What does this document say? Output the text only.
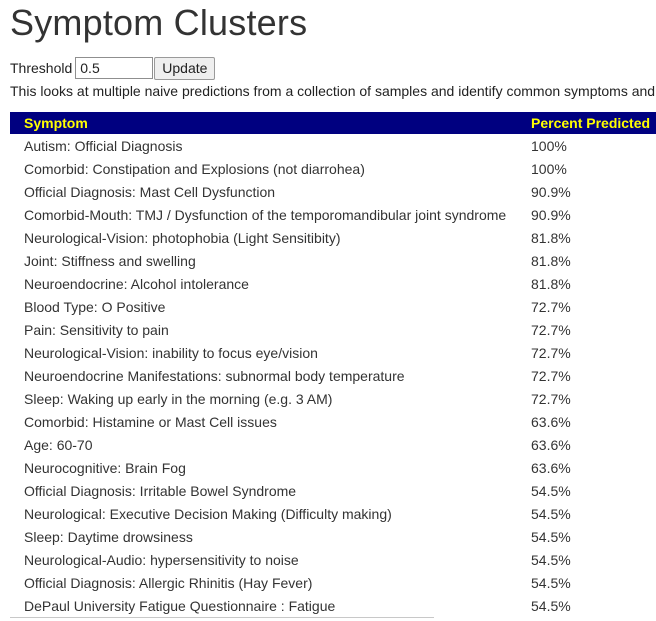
Symptom Clusters
Threshold
0.5	Update
This looks at multiple naive predictions from a collection of samples and identify common symptoms and
Symptom	Percent Predicted
Autism: Official Diagnosis	100%
Comorbid: Constipation and Explosions (not diarrohea)	100%
Official Diagnosis: Mast Cell Dysfunction	90.9%
Comorbid-Mouth: TMJ / Dysfunction of the temporomandibular joint syndrome	90.9%
Neurological-Vision: photophobia (Light Sensitibity)	81.8%
Joint: Stiffness and swelling	81.8%
Neuroendocrine: Alcohol intolerance	81.8%
Blood Type: O Positive	72.7%
Pain: Sensitivity to pain	72.7%
Neurological-Vision: inability to focus eye/vision	72.7%
Neuroendocrine Manifestations: subnormal body temperature	72.7%
Sleep: Waking up early in the morning (e.g. 3 AM)	72.7%
Comorbid: Histamine or Mast Cell issues	63.6%
Age: 60-70	63.6%
Neurocognitive: Brain Fog	63.6%
Official Diagnosis: Irritable Bowel Syndrome	54.5%
Neurological: Executive Decision Making (Difficulty making)	54.5%
Sleep: Daytime drowsiness	54.5%
Neurological-Audio: hypersensitivity to noise	54.5%
Official Diagnosis: Allergic Rhinitis (Hay Fever)	54.5%
DePaul University Fatigue Questionnaire : Fatigue	54.5%
